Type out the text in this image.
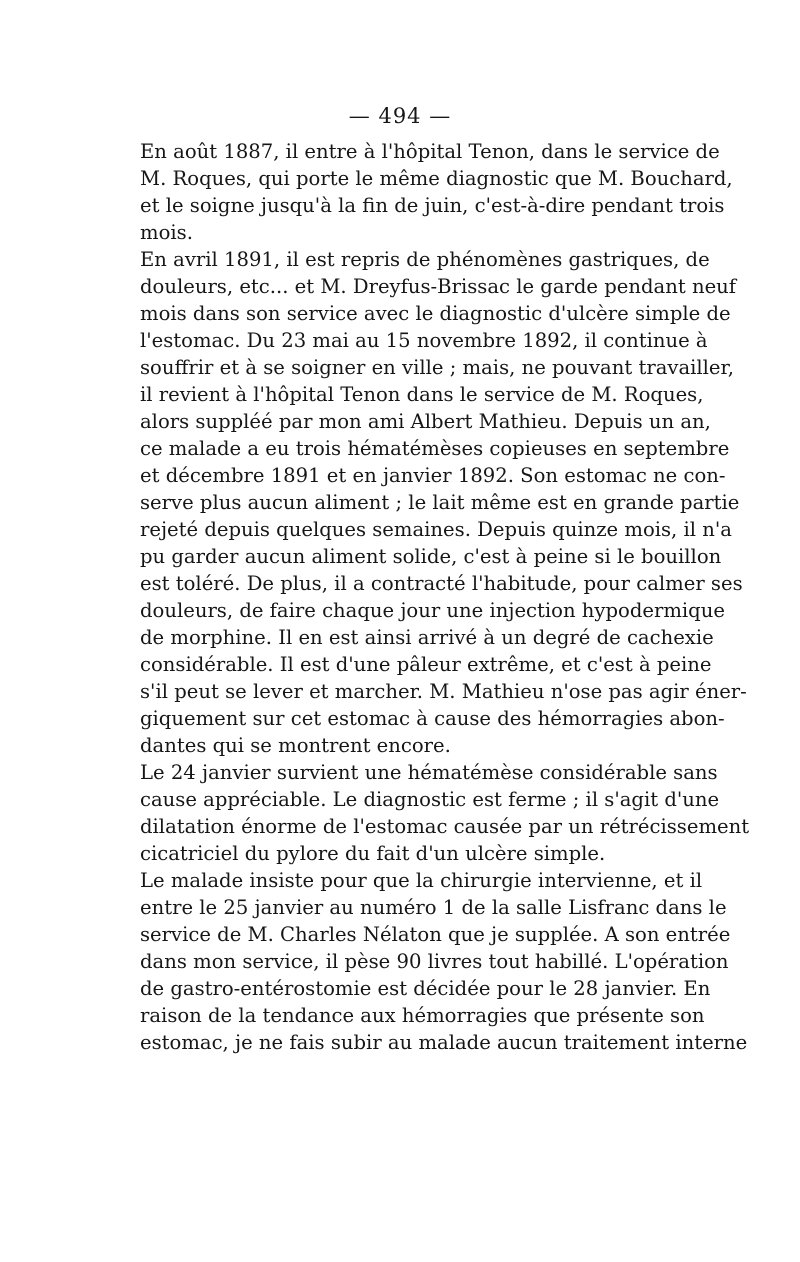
— 494 —
En août 1887, il entre à l'hôpital Tenon, dans le service de
M. Roques, qui porte le même diagnostic que M. Bouchard,
et le soigne jusqu'à la fin de juin, c'est-à-dire pendant trois
mois.
En avril 1891, il est repris de phénomènes gastriques, de
douleurs, etc... et M. Dreyfus-Brissac le garde pendant neuf
mois dans son service avec le diagnostic d'ulcère simple de
l'estomac. Du 23 mai au 15 novembre 1892, il continue à
souffrir et à se soigner en ville ; mais, ne pouvant travailler,
il revient à l'hôpital Tenon dans le service de M. Roques,
alors suppléé par mon ami Albert Mathieu. Depuis un an,
ce malade a eu trois hématémèses copieuses en septembre
et décembre 1891 et en janvier 1892. Son estomac ne con-
serve plus aucun aliment ; le lait même est en grande partie
rejeté depuis quelques semaines. Depuis quinze mois, il n'a
pu garder aucun aliment solide, c'est à peine si le bouillon
est toléré. De plus, il a contracté l'habitude, pour calmer ses
douleurs, de faire chaque jour une injection hypodermique
de morphine. Il en est ainsi arrivé à un degré de cachexie
considérable. Il est d'une pâleur extrême, et c'est à peine
s'il peut se lever et marcher. M. Mathieu n'ose pas agir éner-
giquement sur cet estomac à cause des hémorragies abon-
dantes qui se montrent encore.
Le 24 janvier survient une hématémèse considérable sans
cause appréciable. Le diagnostic est ferme ; il s'agit d'une
dilatation énorme de l'estomac causée par un rétrécissement
cicatriciel du pylore du fait d'un ulcère simple.
Le malade insiste pour que la chirurgie intervienne, et il
entre le 25 janvier au numéro 1 de la salle Lisfranc dans le
service de M. Charles Nélaton que je supplée. A son entrée
dans mon service, il pèse 90 livres tout habillé. L'opération
de gastro-entérostomie est décidée pour le 28 janvier. En
raison de la tendance aux hémorragies que présente son
estomac, je ne fais subir au malade aucun traitement interne
